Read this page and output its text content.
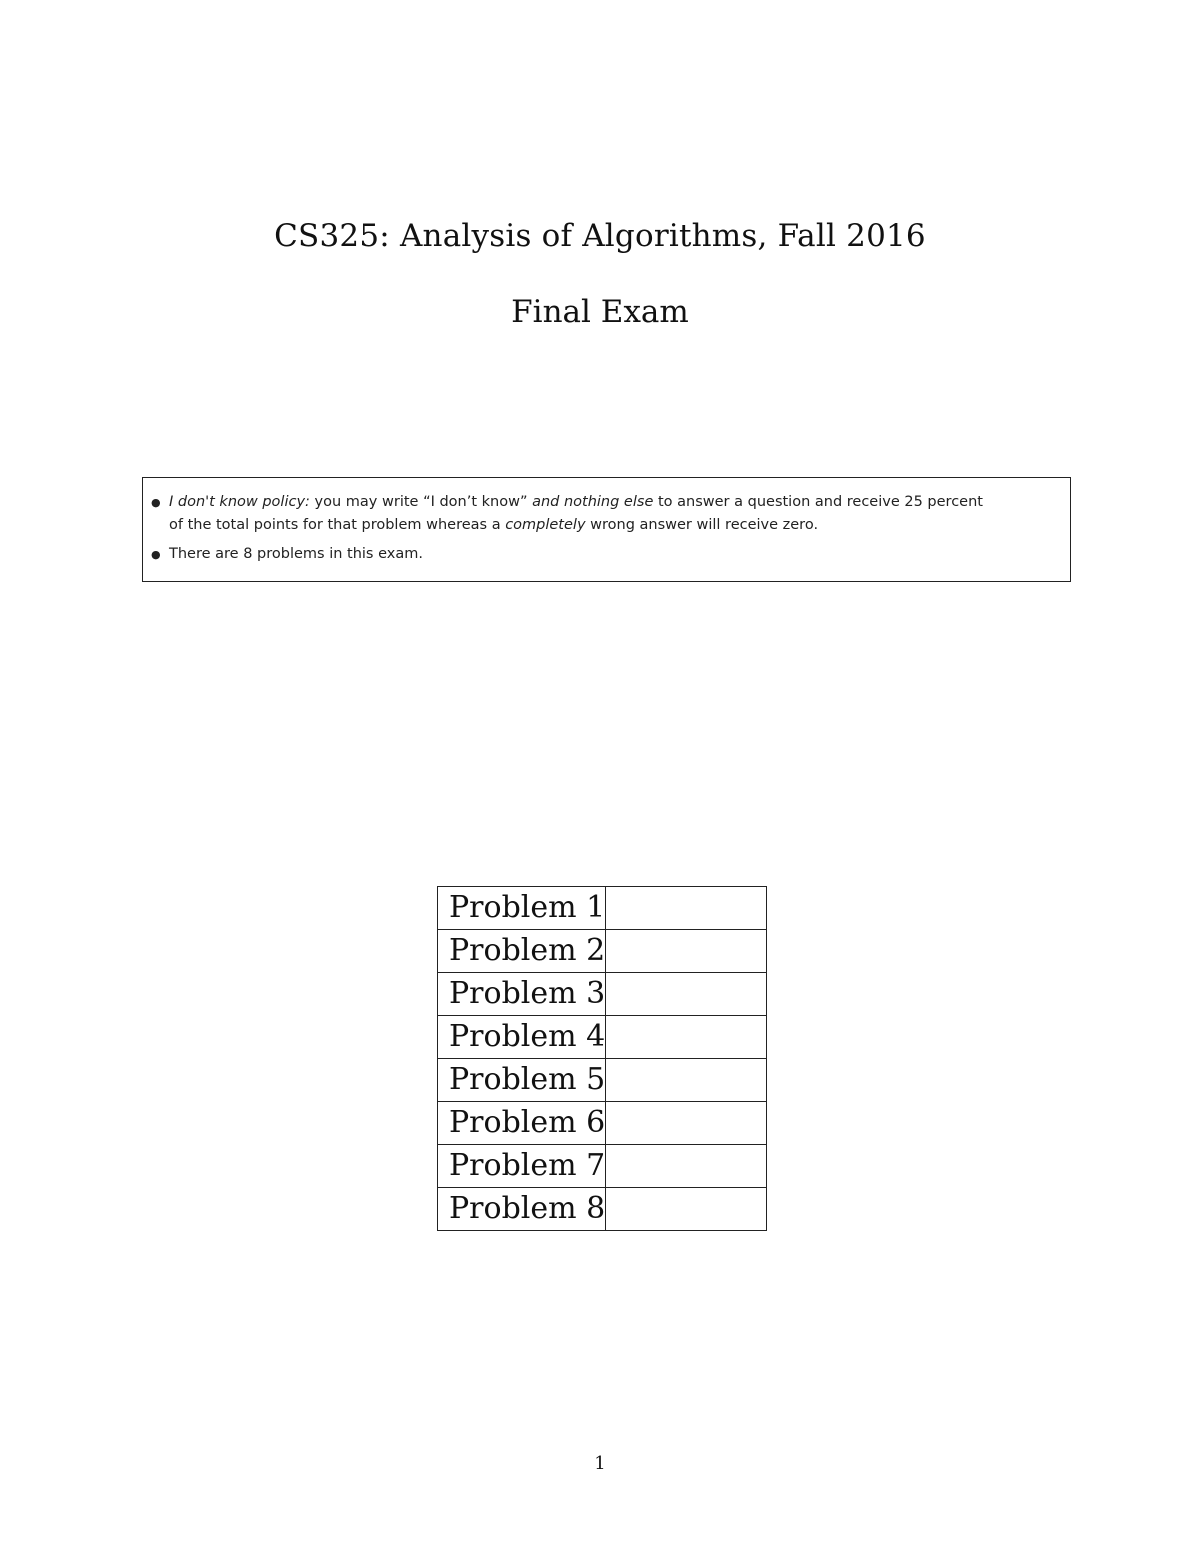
CS325: Analysis of Algorithms, Fall 2016
Final Exam
● I don't know policy: you may write “I don’t know” and nothing else to answer a question and receive 25 percent
of the total points for that problem whereas a completely wrong answer will receive zero.
● There are 8 problems in this exam.
Problem 1	
Problem 2	
Problem 3	
Problem 4	
Problem 5	
Problem 6	
Problem 7	
Problem 8	
1
